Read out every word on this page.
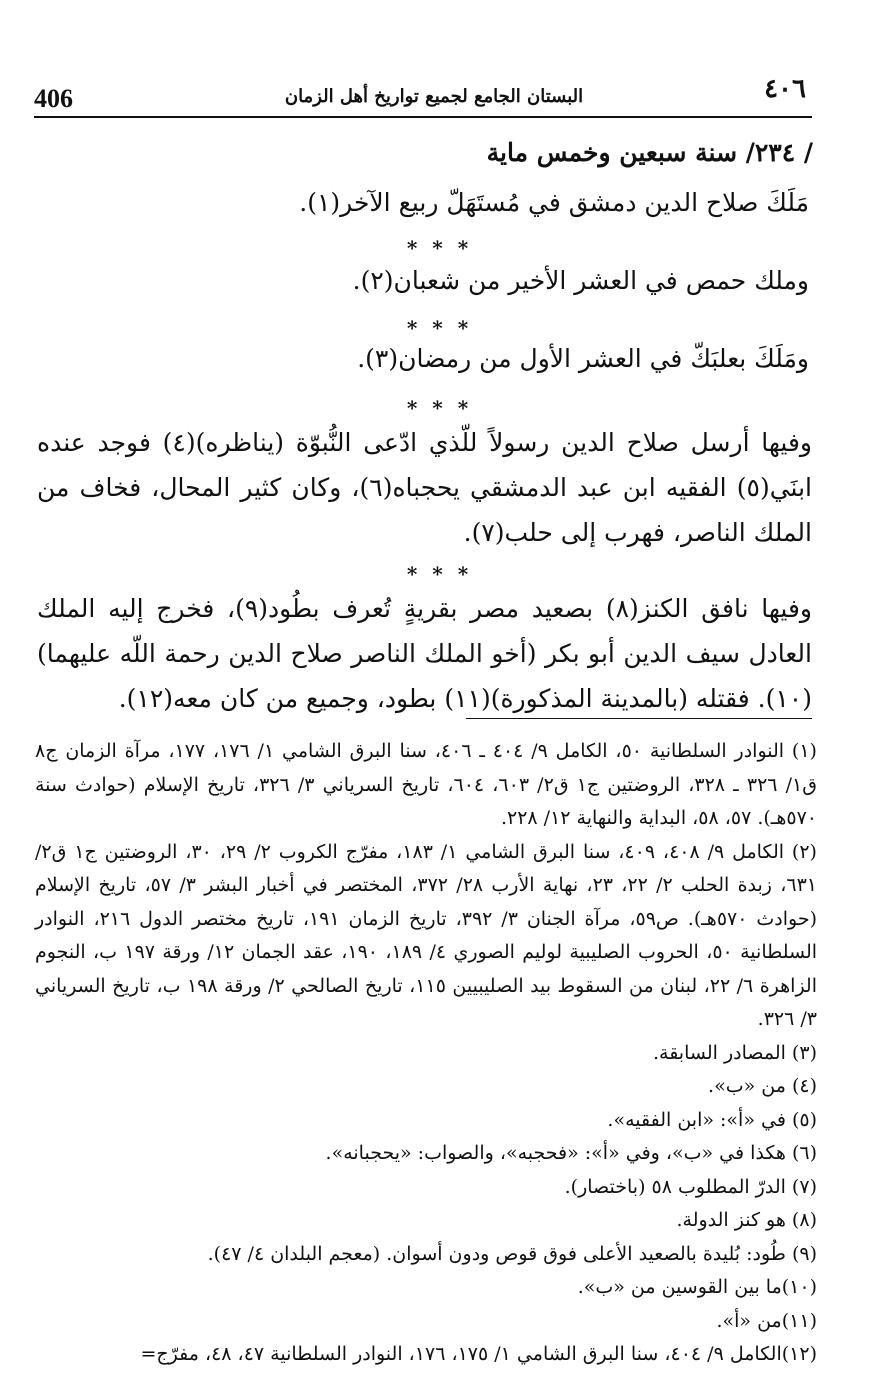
406	البستان الجامع لجميع تواريخ أهل الزمان	٤٠٦
/ ٢٣٤/ سنة سبعين وخمس ماية
مَلَكَ صلاح الدين دمشق في مُستَهَلّ ربيع الآخر(١).
* * *
وملك حمص في العشر الأخير من شعبان(٢).
* * *
ومَلَكَ بعلبَكّ في العشر الأول من رمضان(٣).
* * *
وفيها أرسل صلاح الدين رسولاً للّذي ادّعى النُّبوّة (يناظره)(٤) فوجد عنده ابنَي(٥) الفقيه ابن عبد الدمشقي يحجباه(٦)، وكان كثير المحال، فخاف من الملك الناصر، فهرب إلى حلب(٧).
* * *
وفيها نافق الكنز(٨) بصعيد مصر بقريةٍ تُعرف بطُود(٩)، فخرج إليه الملك العادل سيف الدين أبو بكر (أخو الملك الناصر صلاح الدين رحمة اللّه عليهما)(١٠). فقتله (بالمدينة المذكورة)(١١) بطود، وجميع من كان معه(١٢).

(١) النوادر السلطانية ٥٠، الكامل ٩/ ٤٠٤ ـ ٤٠٦، سنا البرق الشامي ١/ ١٧٦، ١٧٧، مرآة الزمان ج٨ ق١/ ٣٢٦ ـ ٣٢٨، الروضتين ج١ ق٢/ ٦٠٣، ٦٠٤، تاريخ السرياني ٣/ ٣٢٦، تاريخ الإسلام (حوادث سنة ٥٧٠هـ). ٥٧، ٥٨، البداية والنهاية ١٢/ ٢٢٨.

(٢) الكامل ٩/ ٤٠٨، ٤٠٩، سنا البرق الشامي ١/ ١٨٣، مفرّج الكروب ٢/ ٢٩، ٣٠، الروضتين ج١ ق٢/ ٦٣١، زبدة الحلب ٢/ ٢٢، ٢٣، نهاية الأرب ٢٨/ ٣٧٢، المختصر في أخبار البشر ٣/ ٥٧، تاريخ الإسلام (حوادث ٥٧٠هـ). ص٥٩، مرآة الجنان ٣/ ٣٩٢، تاريخ الزمان ١٩١، تاريخ مختصر الدول ٢١٦، النوادر السلطانية ٥٠، الحروب الصليبية لوليم الصوري ٤/ ١٨٩، ١٩٠، عقد الجمان ١٢/ ورقة ١٩٧ ب، النجوم الزاهرة ٦/ ٢٢، لبنان من السقوط بيد الصليبيين ١١٥، تاريخ الصالحي ٢/ ورقة ١٩٨ ب، تاريخ السرياني ٣/ ٣٢٦.

(٣) المصادر السابقة.

(٤) من «ب».

(٥) في «أ»: «ابن الفقيه».

(٦) هكذا في «ب»، وفي «أ»: «فحجبه»، والصواب: «يحجبانه».

(٧) الدرّ المطلوب ٥٨ (باختصار).

(٨) هو كنز الدولة.

(٩) طُود: بُليدة بالصعيد الأعلى فوق قوص ودون أسوان. (معجم البلدان ٤/ ٤٧).

(١٠)ما بين القوسين من «ب».

(١١)من «أ».

(١٢)الكامل ٩/ ٤٠٤، سنا البرق الشامي ١/ ١٧٥، ١٧٦، النوادر السلطانية ٤٧، ٤٨، مفرّج=
